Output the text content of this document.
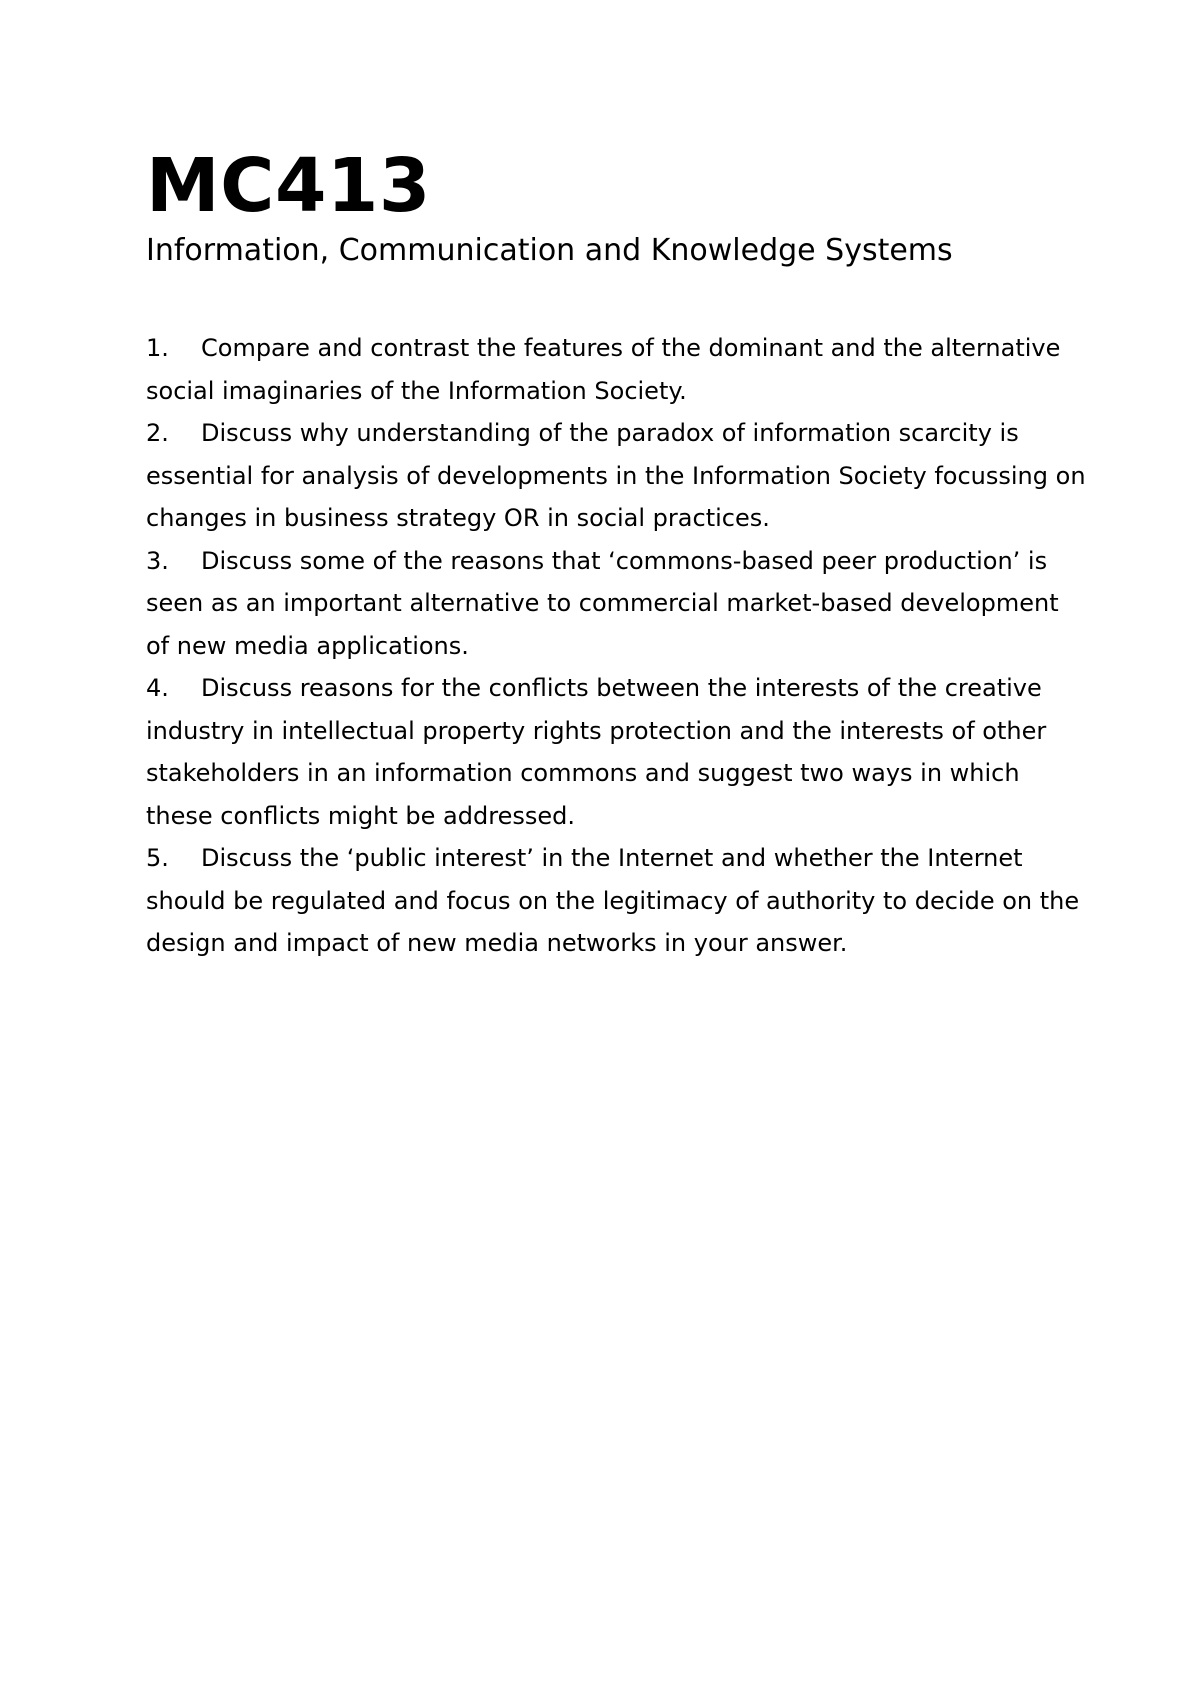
MC413
Information, Communication and Knowledge Systems
1. Compare and contrast the features of the dominant and the alternative social imaginaries of the Information Society.
2. Discuss why understanding of the paradox of information scarcity is essential for analysis of developments in the Information Society focussing on changes in business strategy OR in social practices.
3. Discuss some of the reasons that ‘commons-based peer production’ is seen as an important alternative to commercial market-based development of new media applications.
4. Discuss reasons for the conflicts between the interests of the creative industry in intellectual property rights protection and the interests of other stakeholders in an information commons and suggest two ways in which these conflicts might be addressed.
5. Discuss the ‘public interest’ in the Internet and whether the Internet should be regulated and focus on the legitimacy of authority to decide on the design and impact of new media networks in your answer.
